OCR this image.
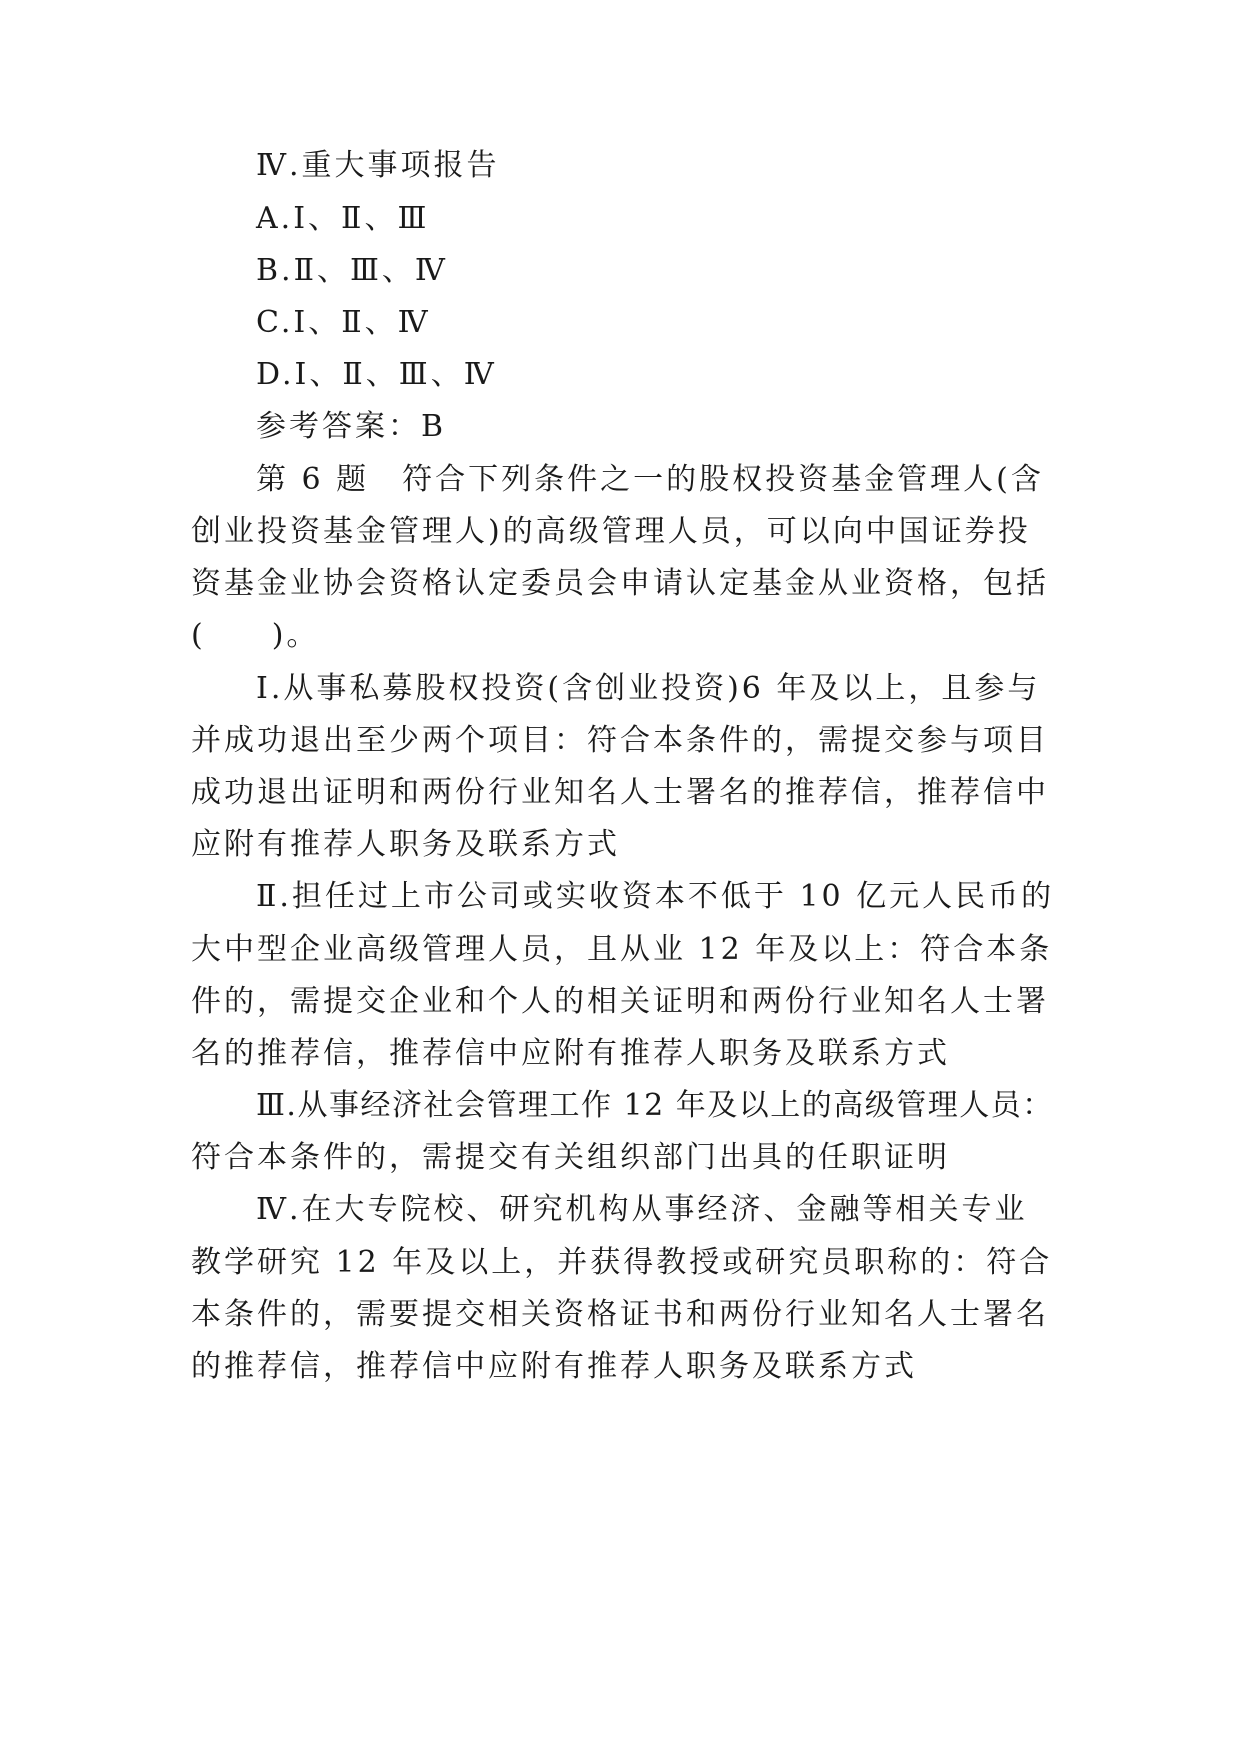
Ⅳ.重大事项报告
A.Ⅰ、Ⅱ、Ⅲ
B.Ⅱ、Ⅲ、Ⅳ
C.Ⅰ、Ⅱ、Ⅳ
D.Ⅰ、Ⅱ、Ⅲ、Ⅳ
参考答案：B
第 6 题　符合下列条件之一的股权投资基金管理人(含
创业投资基金管理人)的高级管理人员，可以向中国证券投
资基金业协会资格认定委员会申请认定基金从业资格，包括
(　　)。
Ⅰ.从事私募股权投资(含创业投资)6 年及以上，且参与
并成功退出至少两个项目：符合本条件的，需提交参与项目
成功退出证明和两份行业知名人士署名的推荐信，推荐信中
应附有推荐人职务及联系方式
Ⅱ.担任过上市公司或实收资本不低于 10 亿元人民币的
大中型企业高级管理人员，且从业 12 年及以上：符合本条
件的，需提交企业和个人的相关证明和两份行业知名人士署
名的推荐信，推荐信中应附有推荐人职务及联系方式
Ⅲ.从事经济社会管理工作 12 年及以上的高级管理人员：
符合本条件的，需提交有关组织部门出具的任职证明
Ⅳ.在大专院校、研究机构从事经济、金融等相关专业
教学研究 12 年及以上，并获得教授或研究员职称的：符合
本条件的，需要提交相关资格证书和两份行业知名人士署名
的推荐信，推荐信中应附有推荐人职务及联系方式
